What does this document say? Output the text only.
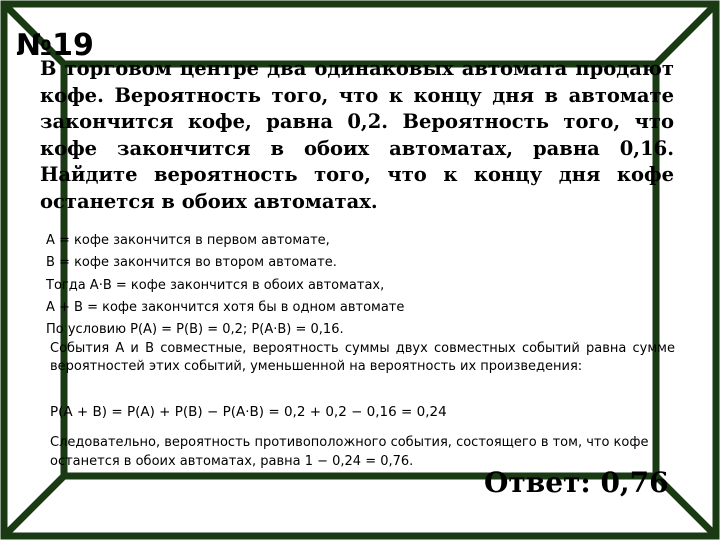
№19
В торговом центре два одинаковых автомата продают кофе. Вероятность того, что к концу дня в автомате закончится кофе, равна 0,2. Вероятность того, что кофе закончится в обоих автоматах, равна 0,16. Найдите вероятность того, что к концу дня кофе останется в обоих автоматах.
A = кофе закончится в первом автомате,
B = кофе закончится во втором автомате.
Тогда A·B = кофе закончится в обоих автоматах,
A + B = кофе закончится хотя бы в одном автомате
По условию P(A) = P(B) = 0,2; P(A·B) = 0,16.
События A и B совместные, вероятность суммы двух совместных событий равна сумме вероятностей этих событий, уменьшенной на вероятность их произведения:
P(A + B) = P(A) + P(B) − P(A·B) = 0,2 + 0,2 − 0,16 = 0,24
Следовательно, вероятность противоположного события, состоящего в том, что кофе останется в обоих автоматах, равна 1 − 0,24 = 0,76.
Ответ: 0,76
